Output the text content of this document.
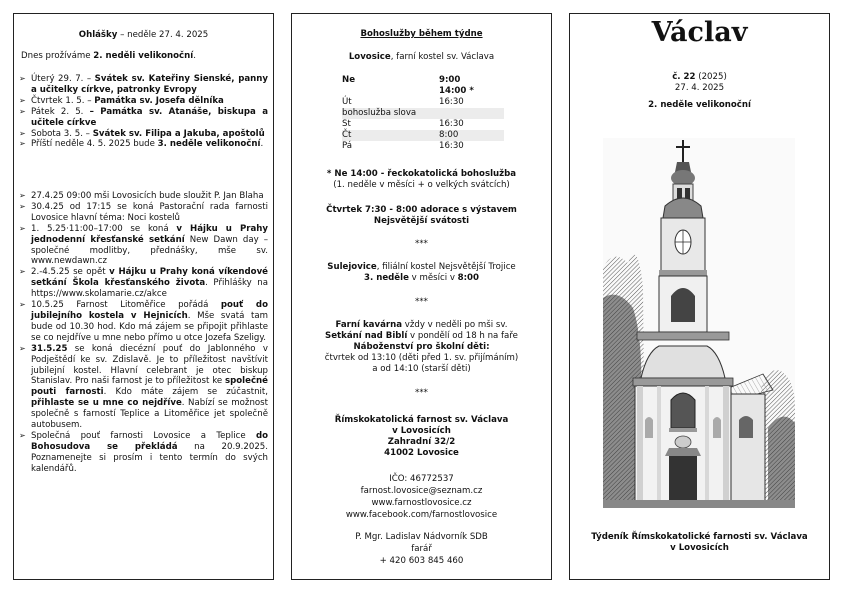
Ohlášky – neděle 27. 4. 2025
Dnes prožíváme 2. neděli velikonoční.
➢ Úterý 29. 7. – Svátek sv. Kateřiny Sienské, panny a učitelky církve, patronky Evropy
➢ Čtvrtek 1. 5. – Památka sv. Josefa dělníka
➢ Pátek 2. 5. – Památka sv. Atanáše, biskupa a učitele církve
➢ Sobota 3. 5. – Svátek sv. Filipa a Jakuba, apoštolů
➢ Příští neděle 4. 5. 2025 bude 3. neděle velikonoční.
➢ 27.4.25 09:00 mši Lovosicích bude sloužit P. Jan Blaha
➢ 30.4.25 od 17:15 se koná Pastorační rada farnosti Lovosice hlavní téma: Noci kostelů
➢ 1. 5.25·11:00–17:00 se koná v Hájku u Prahy jednodenní křesťanské setkání New Dawn day – společné modlitby, přednášky, mše sv. www.newdawn.cz
➢ 2.-4.5.25 se opět v Hájku u Prahy koná víkendové setkání Škola křesťanského života. Přihlášky na https://www.skolamarie.cz/akce
➢ 10.5.25 Farnost Litoměřice pořádá pouť do jubilejního kostela v Hejnicích. Mše svatá tam bude od 10.30 hod. Kdo má zájem se připojit přihlaste se co nejdříve u mne nebo přímo u otce Jozefa Szeligy.
➢ 31.5.25 se koná diecézní pouť do Jablonného v Podještědí ke sv. Zdislavě. Je to příležitost navštívit jubilejní kostel. Hlavní celebrant je otec biskup Stanislav. Pro naši farnost je to příležitost ke společné pouti farnosti. Kdo máte zájem se zúčastnit, přihlaste se u mne co nejdříve. Nabízí se možnost společně s farností Teplice a Litoměřice jet společně autobusem.
➢ Společná pouť farnosti Lovosice a Teplice do Bohosudova se překládá na 20.9.2025. Poznamenejte si prosím i tento termín do svých kalendářů.
Bohoslužby během týdne
Lovosice, farní kostel sv. Václava
Ne	9:00
14:00 *
Út	16:30
bohoslužba slova
St	16:30
Čt	8:00
Pá	16:30
* Ne 14:00 - řeckokatolická bohoslužba
(1. neděle v měsíci + o velkých svátcích)
Čtvrtek 7:30 - 8:00 adorace s výstavem
Nejsvětější svátosti
***
Sulejovice, filiální kostel Nejsvětější Trojice
3. neděle v měsíci v 8:00
***
Farní kavárna vždy v neděli po mši sv.
Setkání nad Biblí v pondělí od 18 h na faře
Náboženství pro školní děti:
čtvrtek od 13:10 (děti před 1. sv. přijímáním)
a od 14:10 (starší děti)
***
Římskokatolická farnost sv. Václava
v Lovosicích
Zahradní 32/2
41002 Lovosice
IČO: 46772537
farnost.lovosice@seznam.cz
www.farnostlovosice.cz
www.facebook.com/farnostlovosice
P. Mgr. Ladislav Nádvorník SDB
farář
+ 420 603 845 460
Václav
č. 22 (2025)
27. 4. 2025
2. neděle velikonoční
Týdeník Římskokatolické farnosti sv. Václava
v Lovosicích
